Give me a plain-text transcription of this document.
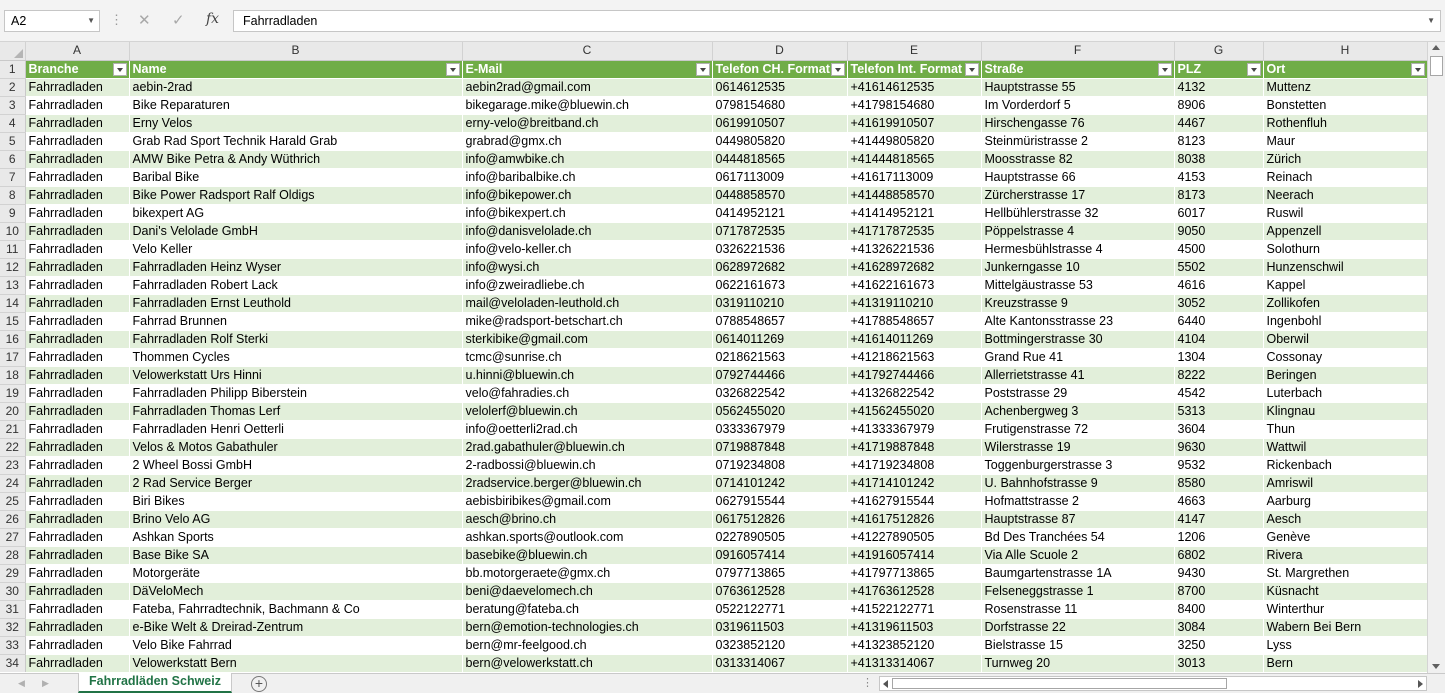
A2	▼ ⋮ ✕ ✓ fx	Fahrradladen	▼
	A	B	C	D	E	F	G	H
1	Branche	Name	E-Mail	Telefon CH. Format	Telefon Int. Format	Straße	PLZ	Ort

2	Fahrradladen	aebin-2rad	aebin2rad@gmail.com	0614612535	+41614612535	Hauptstrasse 55	4132	Muttenz
3	Fahrradladen	Bike Reparaturen	bikegarage.mike@bluewin.ch	0798154680	+41798154680	Im Vorderdorf 5	8906	Bonstetten
4	Fahrradladen	Erny Velos	erny-velo@breitband.ch	0619910507	+41619910507	Hirschengasse 76	4467	Rothenfluh
5	Fahrradladen	Grab Rad Sport Technik Harald Grab	grabrad@gmx.ch	0449805820	+41449805820	Steinmüristrasse 2	8123	Maur
6	Fahrradladen	AMW Bike Petra & Andy Wüthrich	info@amwbike.ch	0444818565	+41444818565	Moosstrasse 82	8038	Zürich
7	Fahrradladen	Baribal Bike	info@baribalbike.ch	0617113009	+41617113009	Hauptstrasse 66	4153	Reinach
8	Fahrradladen	Bike Power Radsport Ralf Oldigs	info@bikepower.ch	0448858570	+41448858570	Zürcherstrasse 17	8173	Neerach
9	Fahrradladen	bikexpert AG	info@bikexpert.ch	0414952121	+41414952121	Hellbühlerstrasse 32	6017	Ruswil
10	Fahrradladen	Dani's Velolade GmbH	info@danisvelolade.ch	0717872535	+41717872535	Pöppelstrasse 4	9050	Appenzell
11	Fahrradladen	Velo Keller	info@velo-keller.ch	0326221536	+41326221536	Hermesbühlstrasse 4	4500	Solothurn
12	Fahrradladen	Fahrradladen Heinz Wyser	info@wysi.ch	0628972682	+41628972682	Junkerngasse 10	5502	Hunzenschwil
13	Fahrradladen	Fahrradladen Robert Lack	info@zweiradliebe.ch	0622161673	+41622161673	Mittelgäustrasse 53	4616	Kappel
14	Fahrradladen	Fahrradladen Ernst Leuthold	mail@veloladen-leuthold.ch	0319110210	+41319110210	Kreuzstrasse 9	3052	Zollikofen
15	Fahrradladen	Fahrrad Brunnen	mike@radsport-betschart.ch	0788548657	+41788548657	Alte Kantonsstrasse 23	6440	Ingenbohl
16	Fahrradladen	Fahrradladen Rolf Sterki	sterkibike@gmail.com	0614011269	+41614011269	Bottmingerstrasse 30	4104	Oberwil
17	Fahrradladen	Thommen Cycles	tcmc@sunrise.ch	0218621563	+41218621563	Grand Rue 41	1304	Cossonay
18	Fahrradladen	Velowerkstatt Urs Hinni	u.hinni@bluewin.ch	0792744466	+41792744466	Allerrietstrasse 41	8222	Beringen
19	Fahrradladen	Fahrradladen Philipp Biberstein	velo@fahradies.ch	0326822542	+41326822542	Poststrasse 29	4542	Luterbach
20	Fahrradladen	Fahrradladen Thomas Lerf	velolerf@bluewin.ch	0562455020	+41562455020	Achenbergweg 3	5313	Klingnau
21	Fahrradladen	Fahrradladen Henri Oetterli	info@oetterli2rad.ch	0333367979	+41333367979	Frutigenstrasse 72	3604	Thun
22	Fahrradladen	Velos & Motos Gabathuler	2rad.gabathuler@bluewin.ch	0719887848	+41719887848	Wilerstrasse 19	9630	Wattwil
23	Fahrradladen	2 Wheel Bossi GmbH	2-radbossi@bluewin.ch	0719234808	+41719234808	Toggenburgerstrasse 3	9532	Rickenbach
24	Fahrradladen	2 Rad Service Berger	2radservice.berger@bluewin.ch	0714101242	+41714101242	U. Bahnhofstrasse 9	8580	Amriswil
25	Fahrradladen	Biri Bikes	aebisbiribikes@gmail.com	0627915544	+41627915544	Hofmattstrasse 2	4663	Aarburg
26	Fahrradladen	Brino Velo AG	aesch@brino.ch	0617512826	+41617512826	Hauptstrasse 87	4147	Aesch
27	Fahrradladen	Ashkan Sports	ashkan.sports@outlook.com	0227890505	+41227890505	Bd Des Tranchées 54	1206	Genève
28	Fahrradladen	Base Bike SA	basebike@bluewin.ch	0916057414	+41916057414	Via Alle Scuole 2	6802	Rivera
29	Fahrradladen	Motorgeräte	bb.motorgeraete@gmx.ch	0797713865	+41797713865	Baumgartenstrasse 1A	9430	St. Margrethen
30	Fahrradladen	DäVeloMech	beni@daevelomech.ch	0763612528	+41763612528	Felseneggstrasse 1	8700	Küsnacht
31	Fahrradladen	Fateba, Fahrradtechnik, Bachmann & Co	beratung@fateba.ch	0522122771	+41522122771	Rosenstrasse 11	8400	Winterthur
32	Fahrradladen	e-Bike Welt & Dreirad-Zentrum	bern@emotion-technologies.ch	0319611503	+41319611503	Dorfstrasse 22	3084	Wabern Bei Bern
33	Fahrradladen	Velo Bike Fahrrad	bern@mr-feelgood.ch	0323852120	+41323852120	Bielstrasse 15	3250	Lyss
34	Fahrradladen	Velowerkstatt Bern	bern@velowerkstatt.ch	0313314067	+41313314067	Turnweg 20	3013	Bern
◀ ▶	Fahrradläden Schweiz	+	⋮
